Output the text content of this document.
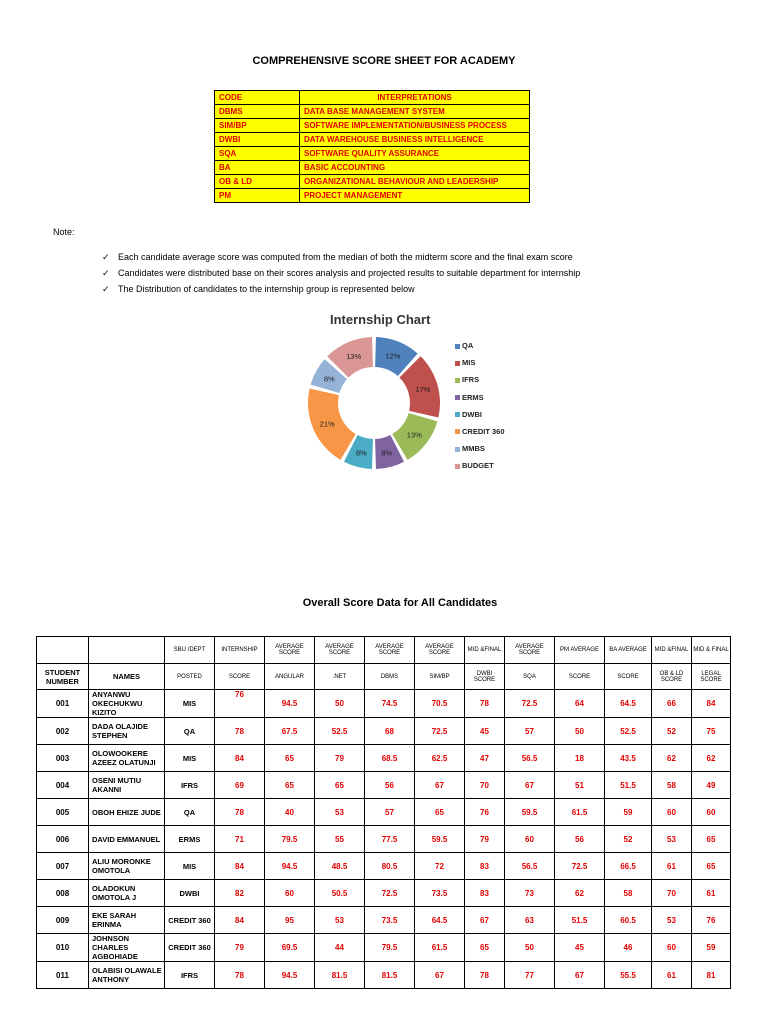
COMPREHENSIVE SCORE SHEET FOR ACADEMY
CODE	INTERPRETATIONS
DBMS	DATA BASE MANAGEMENT SYSTEM
SIM/BP	SOFTWARE IMPLEMENTATION/BUSINESS PROCESS
DWBI	DATA WAREHOUSE BUSINESS INTELLIGENCE
SQA	SOFTWARE QUALITY ASSURANCE
BA	BASIC ACCOUNTING
OB & LD	ORGANIZATIONAL BEHAVIOUR AND LEADERSHIP
PM	PROJECT MANAGEMENT
Note:
✓ Each candidate average score was computed from the median of both the midterm score and the final exam score
✓ Candidates were distributed base on their scores analysis and projected results to suitable department for internship
✓ The Distribution of candidates to the internship group is represented below
Internship Chart
12%
17%
13%
8%
8%
21%
8%
13%
QA
MIS
IFRS
ERMS
DWBI
CREDIT 360
MMBS
BUDGET
Overall Score Data for All Candidates
		SBU /DEPT	INTERNSHIP	AVERAGE SCORE	AVERAGE SCORE	AVERAGE SCORE	AVERAGE SCORE	MID &FINAL	AVERAGE SCORE	PM AVERAGE	BA AVERAGE	MID &FINAL	MID & FINAL
STUDENT NUMBER	NAMES	POSTED	SCORE	ANGULAR	.NET	DBMS	SIM/BP	DWBI SCORE	SQA	SCORE	SCORE	OB & LD SCORE	LEGAL SCORE
001	ANYANWU OKECHUKWU KIZITO	MIS	76	94.5	50	74.5	70.5	78	72.5	64	64.5	66	84
002	DADA OLAJIDE STEPHEN	QA	78	67.5	52.5	68	72.5	45	57	50	52.5	52	75
003	OLOWOOKERE AZEEZ OLATUNJI	MIS	84	65	79	68.5	62.5	47	56.5	18	43.5	62	62
004	OSENI MUTIU AKANNI	IFRS	69	65	65	56	67	70	67	51	51.5	58	49
005	OBOH EHIZE JUDE	QA	78	40	53	57	65	76	59.5	61.5	59	60	60
006	DAVID EMMANUEL	ERMS	71	79.5	55	77.5	59.5	79	60	56	52	53	65
007	ALIU MORONKE OMOTOLA	MIS	84	94.5	48.5	80.5	72	83	56.5	72.5	66.5	61	65
008	OLADOKUN OMOTOLA J	DWBI	82	60	50.5	72.5	73.5	83	73	62	58	70	61
009	EKE SARAH ERINMA	CREDIT 360	84	95	53	73.5	64.5	67	63	51.5	60.5	53	76
010	JOHNSON CHARLES AGBOHIADE	CREDIT 360	79	69.5	44	79.5	61.5	65	50	45	46	60	59
011	OLABISI OLAWALE ANTHONY	IFRS	78	94.5	81.5	81.5	67	78	77	67	55.5	61	81
